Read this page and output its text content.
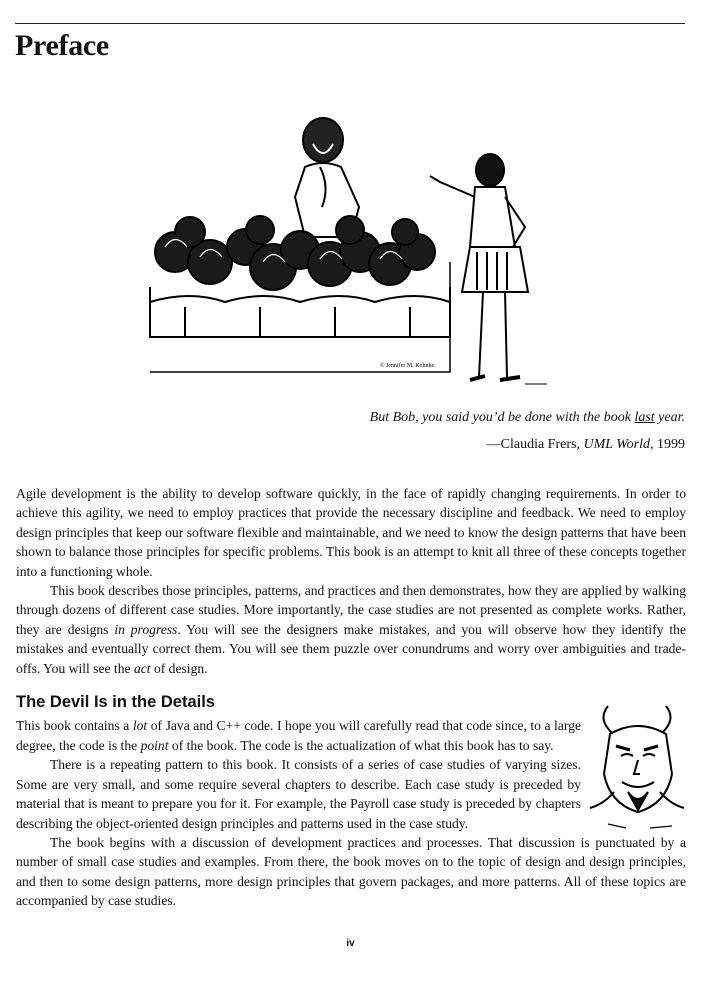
Preface
© Jennifer M. Kohnke
But Bob, you said you’d be done with the book last year.
—Claudia Frers, UML World, 1999

Agile development is the ability to develop software quickly, in the face of rapidly changing requirements. In order to achieve this agility, we need to employ practices that provide the necessary discipline and feedback. We need to employ design principles that keep our software flexible and maintainable, and we need to know the design patterns that have been shown to balance those principles for specific problems. This book is an attempt to knit all three of these concepts together into a functioning whole.

This book describes those principles, patterns, and practices and then demonstrates, how they are applied by walking through dozens of different case studies. More importantly, the case studies are not presented as complete works. Rather, they are designs in progress. You will see the designers make mistakes, and you will observe how they identify the mistakes and eventually correct them. You will see them puzzle over conundrums and worry over ambiguities and trade-offs. You will see the act of design.

The Devil Is in the Details

This book contains a lot of Java and C++ code. I hope you will carefully read that code since, to a large degree, the code is the point of the book. The code is the actualization of what this book has to say.

There is a repeating pattern to this book. It consists of a series of case studies of varying sizes. Some are very small, and some require several chapters to describe. Each case study is preceded by material that is meant to prepare you for it. For example, the Payroll case study is preceded by chapters describing the object-oriented design principles and patterns used in the case study.

The book begins with a discussion of development practices and processes. That discussion is punctuated by a number of small case studies and examples. From there, the book moves on to the topic of design and design principles, and then to some design patterns, more design principles that govern packages, and more patterns. All of these topics are accompanied by case studies.

iv
